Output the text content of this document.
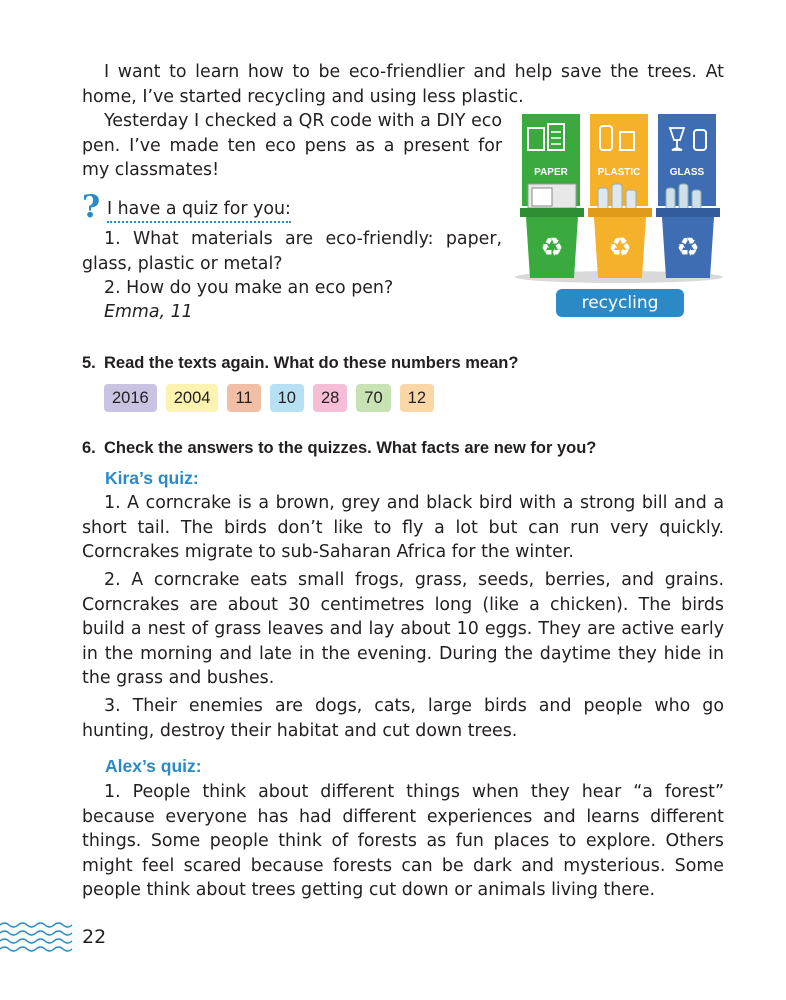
I want to learn how to be eco-friendlier and help save the trees. At home, I’ve started recycling and using less plastic.

Yesterday I checked a QR code with a DIY eco pen. I’ve made ten eco pens as a present for my classmates!

? I have a quiz for you:

1. What materials are eco-friendly: paper, glass, plastic or metal?

2. How do you make an eco pen?

Emma, 11

PAPER
♻
PLASTIC
♻
GLASS
♻
recycling
5. Read the texts again. What do these numbers mean?
2016	2004	11	10	28	70	12
6. Check the answers to the quizzes. What facts are new for you?
Kira’s quiz:

1. A corncrake is a brown, grey and black bird with a strong bill and a short tail. The birds don’t like to fly a lot but can run very quickly. Corncrakes migrate to sub-Saharan Africa for the winter.

2. A corncrake eats small frogs, grass, seeds, berries, and grains. Corncrakes are about 30 centimetres long (like a chicken). The birds build a nest of grass leaves and lay about 10 eggs. They are active early in the morning and late in the evening. During the daytime they hide in the grass and bushes.

3. Their enemies are dogs, cats, large birds and people who go hunting, destroy their habitat and cut down trees.

Alex’s quiz:

1. People think about different things when they hear “a forest” because everyone has had different experiences and learns different things. Some people think of forests as fun places to explore. Others might feel scared because forests can be dark and mysterious. Some people think about trees getting cut down or animals living there.

22
